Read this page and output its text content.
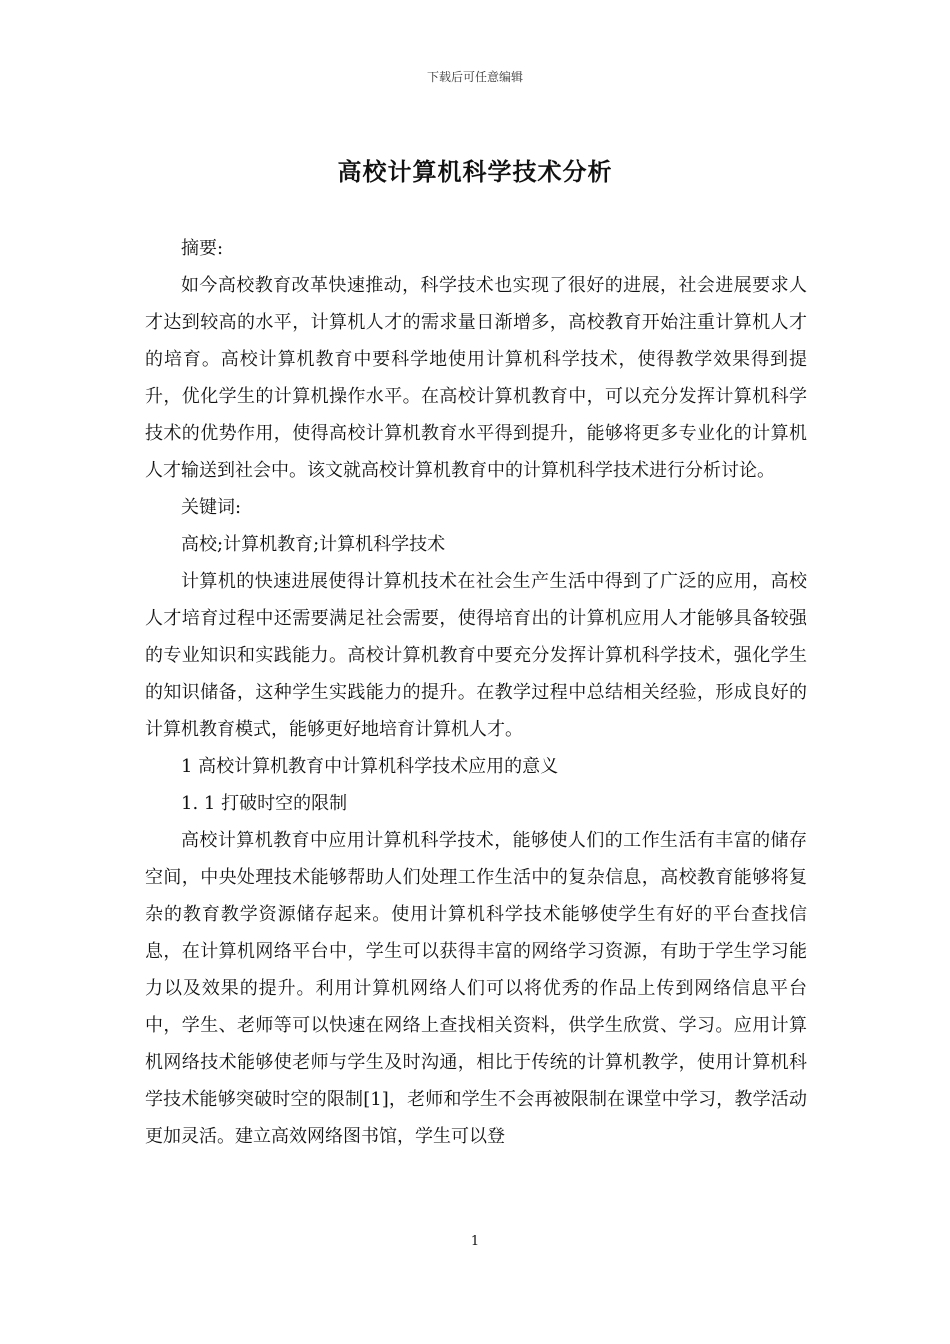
下载后可任意编辑
高校计算机科学技术分析

摘要:

如今高校教育改革快速推动，科学技术也实现了很好的进展，社会进展要求人才达到较高的水平，计算机人才的需求量日渐增多，高校教育开始注重计算机人才的培育。高校计算机教育中要科学地使用计算机科学技术，使得教学效果得到提升，优化学生的计算机操作水平。在高校计算机教育中，可以充分发挥计算机科学技术的优势作用，使得高校计算机教育水平得到提升，能够将更多专业化的计算机人才输送到社会中。该文就高校计算机教育中的计算机科学技术进行分析讨论。

关键词:

高校;计算机教育;计算机科学技术

计算机的快速进展使得计算机技术在社会生产生活中得到了广泛的应用，高校人才培育过程中还需要满足社会需要，使得培育出的计算机应用人才能够具备较强的专业知识和实践能力。高校计算机教育中要充分发挥计算机科学技术，强化学生的知识储备，这种学生实践能力的提升。在教学过程中总结相关经验，形成良好的计算机教育模式，能够更好地培育计算机人才。

1 高校计算机教育中计算机科学技术应用的意义

1. 1 打破时空的限制

高校计算机教育中应用计算机科学技术，能够使人们的工作生活有丰富的储存空间，中央处理技术能够帮助人们处理工作生活中的复杂信息，高校教育能够将复杂的教育教学资源储存起来。使用计算机科学技术能够使学生有好的平台查找信息，在计算机网络平台中，学生可以获得丰富的网络学习资源，有助于学生学习能力以及效果的提升。利用计算机网络人们可以将优秀的作品上传到网络信息平台中，学生、老师等可以快速在网络上查找相关资料，供学生欣赏、学习。应用计算机网络技术能够使老师与学生及时沟通，相比于传统的计算机教学，使用计算机科学技术能够突破时空的限制[1]，老师和学生不会再被限制在课堂中学习，教学活动更加灵活。建立高效网络图书馆，学生可以登

1
